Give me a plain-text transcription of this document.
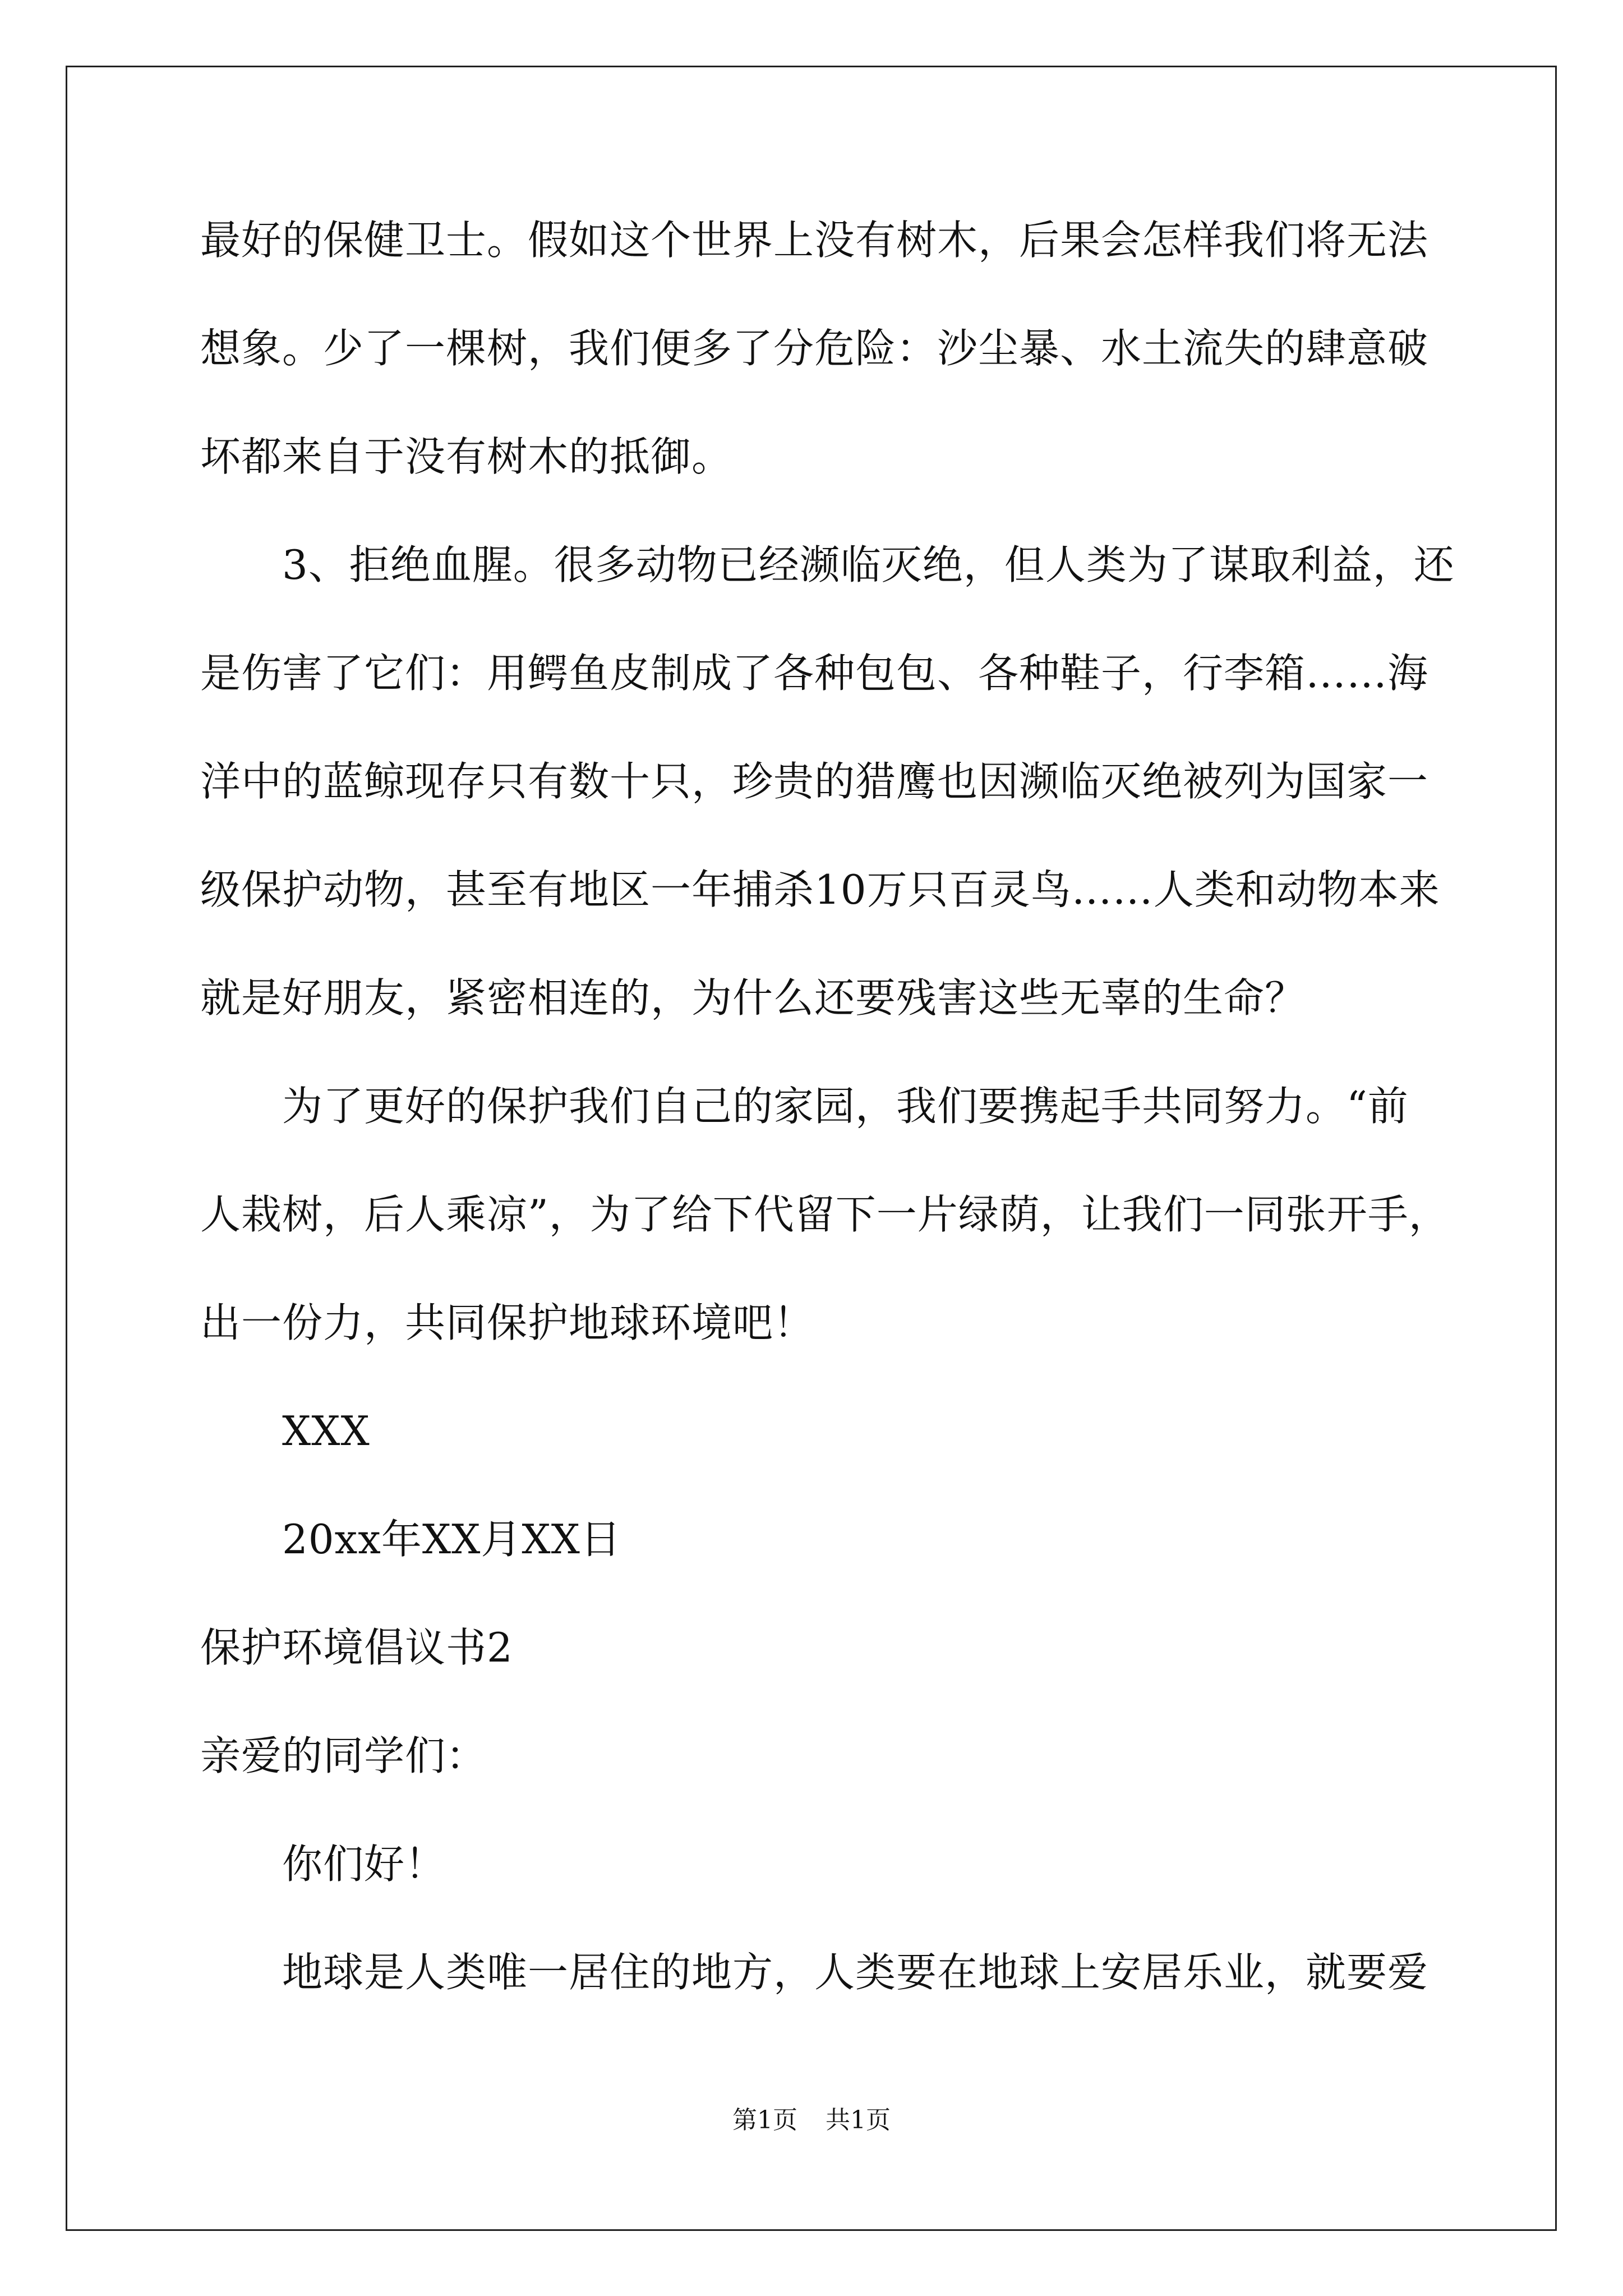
最好的保健卫士。假如这个世界上没有树木，后果会怎样我们将无法
想象。少了一棵树，我们便多了分危险：沙尘暴、水土流失的肆意破
坏都来自于没有树木的抵御。
3、拒绝血腥。很多动物已经濒临灭绝，但人类为了谋取利益，还
是伤害了它们：用鳄鱼皮制成了各种包包、各种鞋子，行李箱……海
洋中的蓝鲸现存只有数十只，珍贵的猎鹰也因濒临灭绝被列为国家一
级保护动物，甚至有地区一年捕杀10万只百灵鸟……人类和动物本来
就是好朋友，紧密相连的，为什么还要残害这些无辜的生命？
为了更好的保护我们自己的家园，我们要携起手共同努力。“前
人栽树，后人乘凉”，为了给下代留下一片绿荫，让我们一同张开手，
出一份力，共同保护地球环境吧！
XXX
20xx年XX月XX日
保护环境倡议书2
亲爱的同学们：
你们好！
地球是人类唯一居住的地方，人类要在地球上安居乐业，就要爱
第1页 共1页
